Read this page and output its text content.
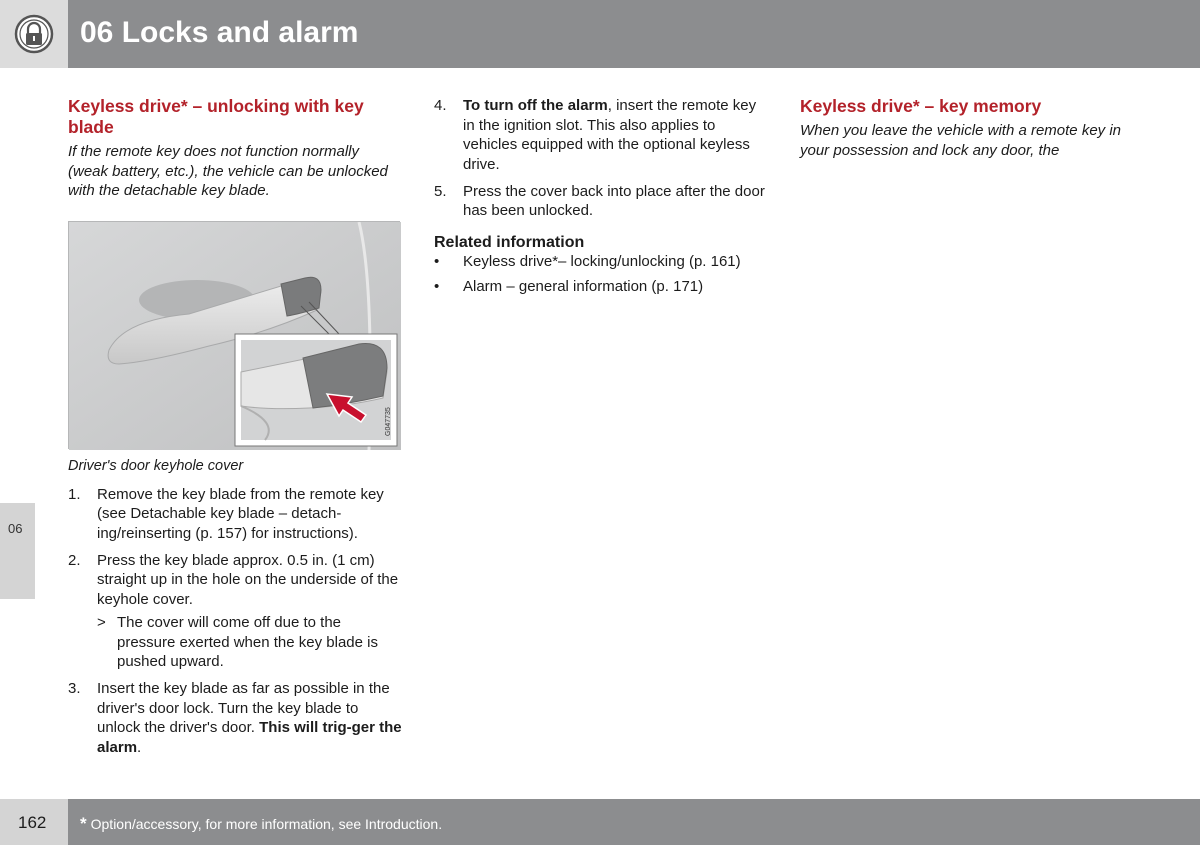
06 Locks and alarm
06
Keyless drive* – unlocking with key blade

If the remote key does not function normally (weak battery, etc.), the vehicle can be unlocked with the detachable key blade.

G047735
Driver's door keyhole cover
1. Remove the key blade from the remote key (see Detachable key blade – detach-ing/reinserting (p. 157) for instructions).
2. Press the key blade approx. 0.5 in. (1 cm) straight up in the hole on the underside of the keyhole cover.
> The cover will come off due to the pressure exerted when the key blade is pushed upward.
3. Insert the key blade as far as possible in the driver's door lock. Turn the key blade to unlock the driver's door. This will trig-ger the alarm.
4. To turn off the alarm, insert the remote key in the ignition slot. This also applies to vehicles equipped with the optional keyless drive.
5. Press the cover back into place after the door has been unlocked.
Related information
• Keyless drive*– locking/unlocking (p. 161)
• Alarm – general information (p. 171)
Keyless drive* – key memory

When you leave the vehicle with a remote key in your possession and lock any door, the

162 * Option/accessory, for more information, see Introduction.
